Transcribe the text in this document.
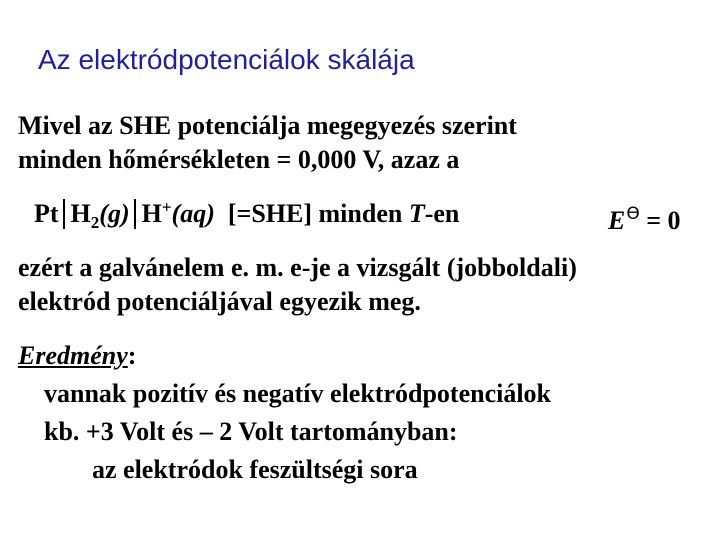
Az elektródpotenciálok skálája
Mivel az SHE potenciálja megegyezés szerint
minden hőmérsékleten = 0,000 V, azaz a
Pt $H_2(g)$ H+(aq) [=SHE] minden T-en	Eϴ = 0
ezért a galvánelem e. m. e-je a vizsgált (jobboldali)
elektród potenciáljával egyezik meg.
Eredmény:
vannak pozitív és negatív elektródpotenciálok
kb. +3 Volt és – 2 Volt tartományban:
az elektródok feszültségi sora
